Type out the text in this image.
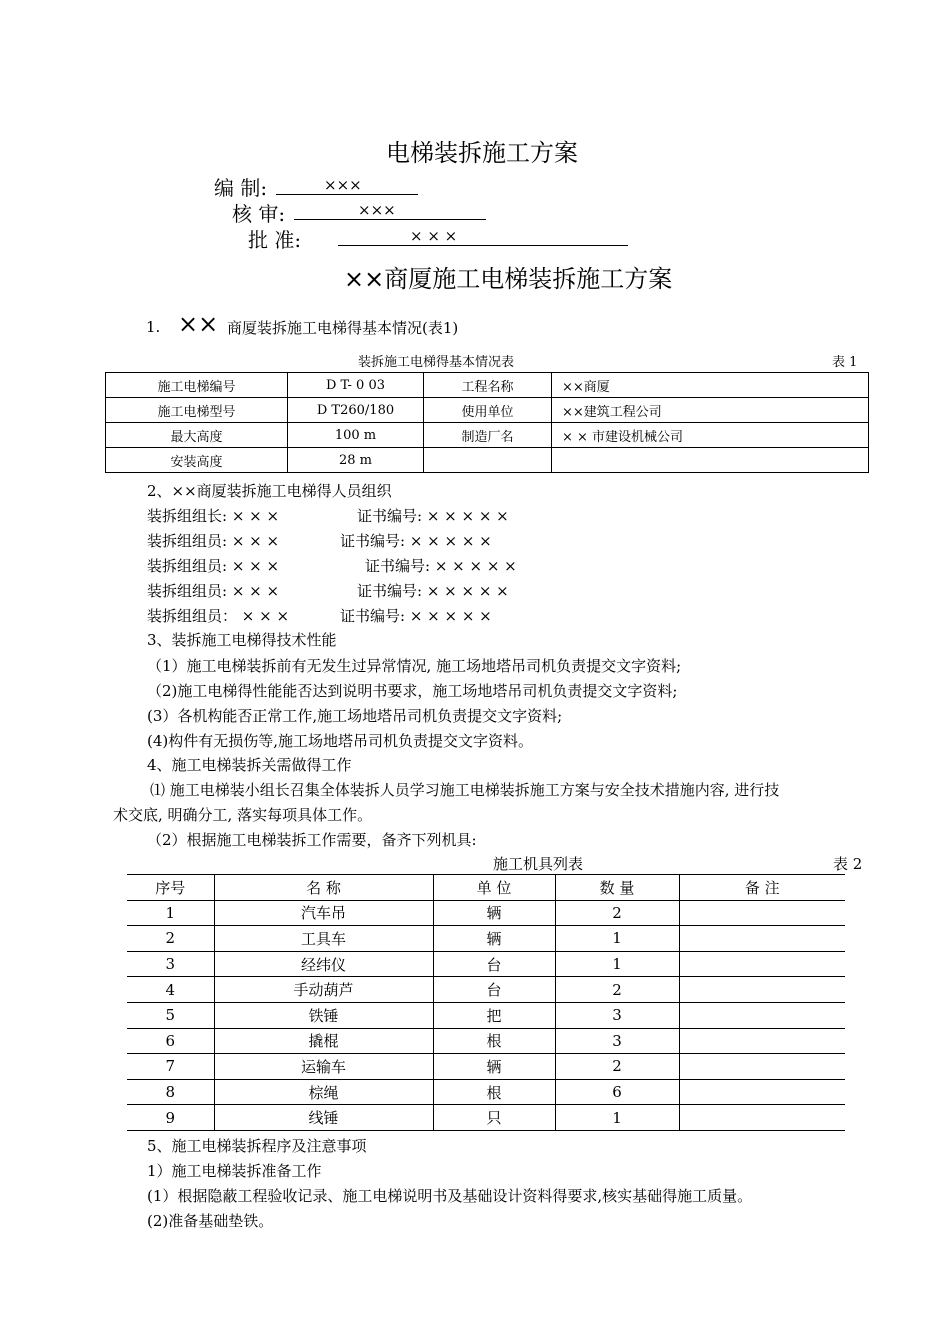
电梯装拆施工方案
编 制:	×××
核 审:	×××
批 准:	× × ×
××商厦施工电梯装拆施工方案
1. ×× 商厦装拆施工电梯得基本情况(表1)
装拆施工电梯得基本情况表	表 1
施工电梯编号	D T- 0 03	工程名称	××商厦
施工电梯型号	D T260/180	使用单位	××建筑工程公司
最大高度	100 m	制造厂名	× × 市建设机械公司
安装高度	28 m		
2、××商厦装拆施工电梯得人员组织
装拆组组长: × × ×	证书编号: × × × × ×
装拆组组员: × × ×	证书编号: × × × × ×
装拆组组员: × × ×	证书编号: × × × × ×
装拆组组员: × × ×	证书编号: × × × × ×
装拆组组员： × × ×	证书编号: × × × × ×
3、装拆施工电梯得技术性能
（1）施工电梯装拆前有无发生过异常情况, 施工场地塔吊司机负责提交文字资料;
（2)施工电梯得性能能否达到说明书要求，施工场地塔吊司机负责提交文字资料;
(3）各机构能否正常工作,施工场地塔吊司机负责提交文字资料;
(4)构件有无损伤等,施工场地塔吊司机负责提交文字资料。
4、施工电梯装拆关需做得工作
⑴ 施工电梯装小组长召集全体装拆人员学习施工电梯装拆施工方案与安全技术措施内容, 进行技
术交底, 明确分工, 落实每项具体工作。
（2）根据施工电梯装拆工作需要，备齐下列机具:
施工机具列表	表 2
序号	名 称	单 位	数 量	备 注
1	汽车吊	辆	2	
2	工具车	辆	1	
3	经纬仪	台	1	
4	手动葫芦	台	2	
5	铁锤	把	3	
6	撬棍	根	3	
7	运输车	辆	2	
8	棕绳	根	6	
9	线锤	只	1	
5、施工电梯装拆程序及注意事项
1）施工电梯装拆准备工作
(1）根据隐蔽工程验收记录、施工电梯说明书及基础设计资料得要求,核实基础得施工质量。
(2)准备基础垫铁。
